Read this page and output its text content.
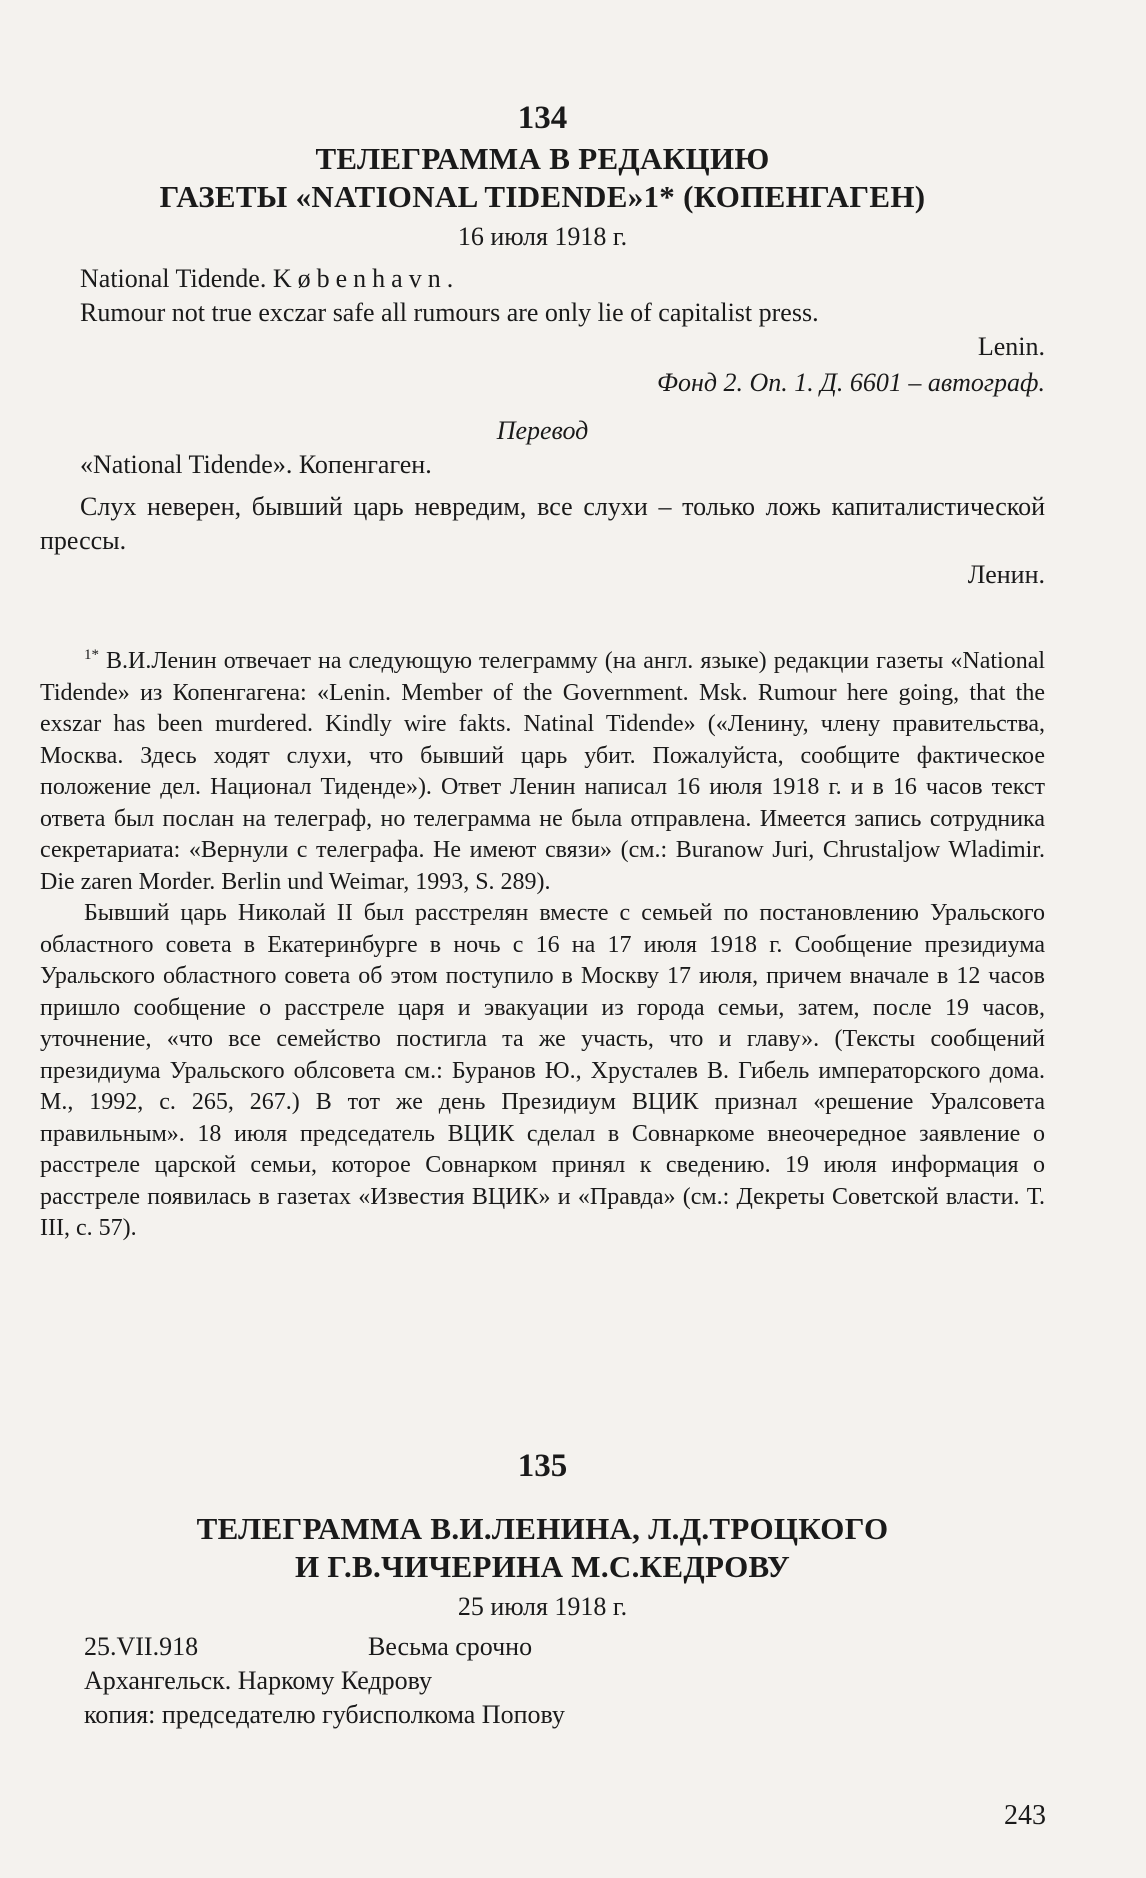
134
ТЕЛЕГРАММА В РЕДАКЦИЮ
ГАЗЕТЫ «NATIONAL TIDENDE»1* (КОПЕНГАГЕН)
16 июля 1918 г.
National Tidende. København.
Rumour not true exczar safe all rumours are only lie of capitalist press.
Lenin.
Фонд 2. Оп. 1. Д. 6601 – автограф.
Перевод
«National Tidende». Копенгаген.
Слух неверен, бывший царь невредим, все слухи – только ложь капиталистической прессы.
Ленин.

$^{1*}$ В.И.Ленин отвечает на следующую телеграмму (на англ. языке) редакции газеты «National Tidende» из Копенгагена: «Lenin. Member of the Government. Msk. Rumour here going, that the exszar has been murdered. Kindly wire fakts. Natinal Tidende» («Ленину, члену правительства, Москва. Здесь ходят слухи, что бывший царь убит. Пожалуйста, сообщите фактическое положение дел. Национал Тиденде»). Ответ Ленин написал 16 июля 1918 г. и в 16 часов текст ответа был послан на телеграф, но телеграмма не была отправлена. Имеется запись сотрудника секретариата: «Вернули с телеграфа. Не имеют связи» (см.: Buranow Juri, Chrustaljow Wladimir. Die zaren Morder. Berlin und Weimar, 1993, S. 289).

Бывший царь Николай II был расстрелян вместе с семьей по постановлению Уральского областного совета в Екатеринбурге в ночь с 16 на 17 июля 1918 г. Сообщение президиума Уральского областного совета об этом поступило в Москву 17 июля, причем вначале в 12 часов пришло сообщение о расстреле царя и эвакуации из города семьи, затем, после 19 часов, уточнение, «что все семейство постигла та же участь, что и главу». (Тексты сообщений президиума Уральского облсовета см.: Буранов Ю., Хрусталев В. Гибель императорского дома. М., 1992, с. 265, 267.) В тот же день Президиум ВЦИК признал «решение Уралсовета правильным». 18 июля председатель ВЦИК сделал в Совнаркоме внеочередное заявление о расстреле царской семьи, которое Совнарком принял к сведению. 19 июля информация о расстреле появилась в газетах «Известия ВЦИК» и «Правда» (см.: Декреты Советской власти. Т. III, с. 57).

135
ТЕЛЕГРАММА В.И.ЛЕНИНА, Л.Д.ТРОЦКОГО
И Г.В.ЧИЧЕРИНА М.С.КЕДРОВУ
25 июля 1918 г.
25.VII.918	Весьма срочно
Архангельск. Наркому Кедрову
копия: председателю губисполкома Попову
243
